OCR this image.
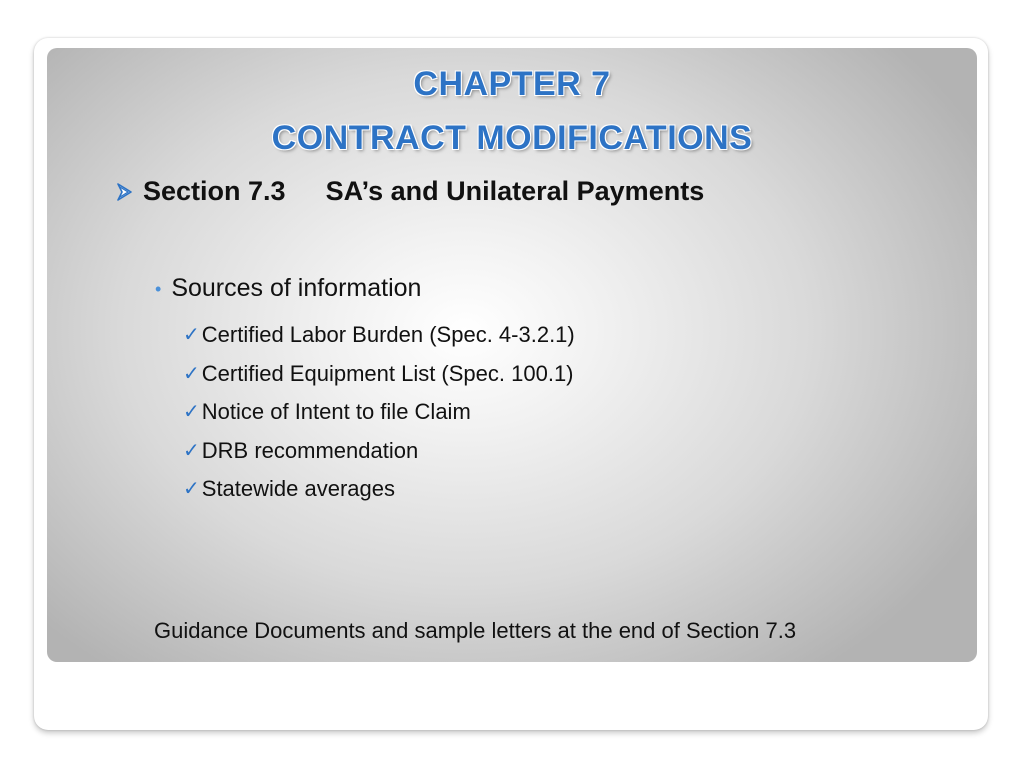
CHAPTER 7
CONTRACT MODIFICATIONS
Section 7.3 SA’s and Unilateral Payments
• Sources of information
✓ Certified Labor Burden (Spec. 4-3.2.1)
✓ Certified Equipment List (Spec. 100.1)
✓ Notice of Intent to file Claim
✓ DRB recommendation
✓ Statewide averages
Guidance Documents and sample letters at the end of Section 7.3
